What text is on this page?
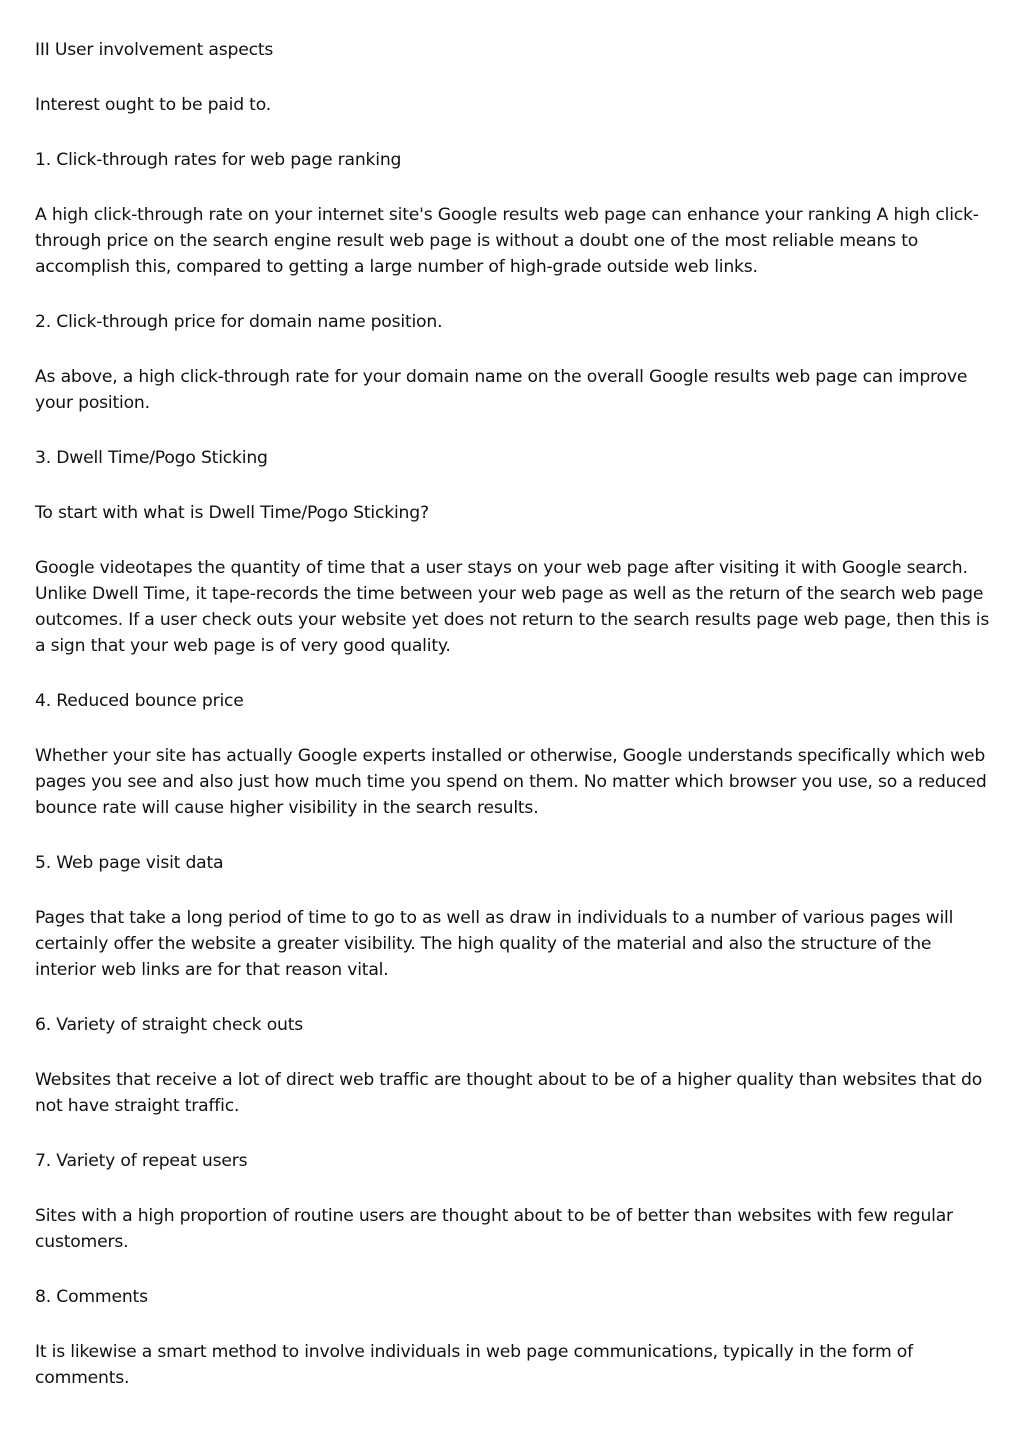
III User involvement aspects

Interest ought to be paid to.

1. Click-through rates for web page ranking

A high click-through rate on your internet site's Google results web page can enhance your ranking A high click-through price on the search engine result web page is without a doubt one of the most reliable means to accomplish this, compared to getting a large number of high-grade outside web links.

2. Click-through price for domain name position.

As above, a high click-through rate for your domain name on the overall Google results web page can improve your position.

3. Dwell Time/Pogo Sticking

To start with what is Dwell Time/Pogo Sticking?

Google videotapes the quantity of time that a user stays on your web page after visiting it with Google search. Unlike Dwell Time, it tape-records the time between your web page as well as the return of the search web page outcomes. If a user check outs your website yet does not return to the search results page web page, then this is a sign that your web page is of very good quality.

4. Reduced bounce price

Whether your site has actually Google experts installed or otherwise, Google understands specifically which web pages you see and also just how much time you spend on them. No matter which browser you use, so a reduced bounce rate will cause higher visibility in the search results.

5. Web page visit data

Pages that take a long period of time to go to as well as draw in individuals to a number of various pages will certainly offer the website a greater visibility. The high quality of the material and also the structure of the interior web links are for that reason vital.

6. Variety of straight check outs

Websites that receive a lot of direct web traffic are thought about to be of a higher quality than websites that do not have straight traffic.

7. Variety of repeat users

Sites with a high proportion of routine users are thought about to be of better than websites with few regular customers.

8. Comments

It is likewise a smart method to involve individuals in web page communications, typically in the form of comments.
